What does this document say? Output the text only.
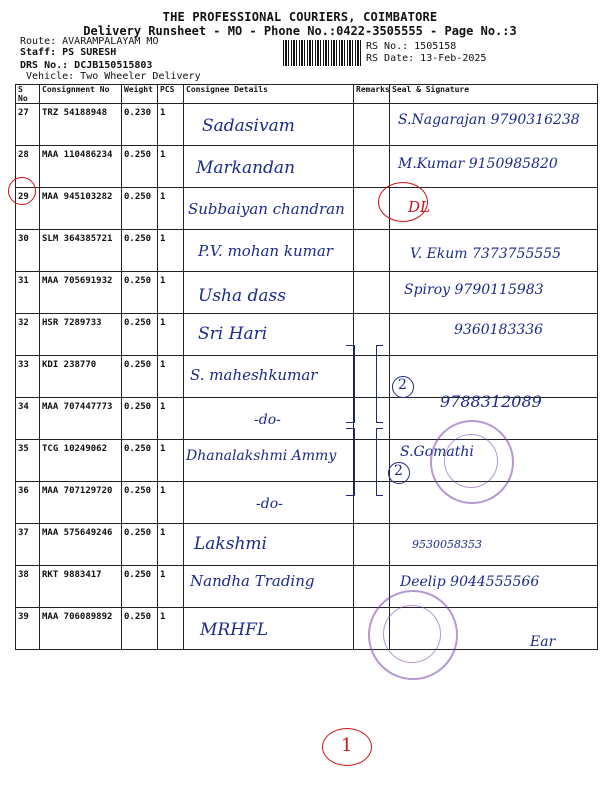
THE PROFESSIONAL COURIERS, COIMBATORE
Delivery Runsheet - MO - Phone No.:0422-3505555 - Page No.:3
Route: AVARAMPALAYAM MO
Staff: PS SURESH
DRS No.: DCJB150515803
Vehicle: Two Wheeler Delivery
RS No.: 1505158
RS Date: 13-Feb-2025
S No	Consignment No	Weight	PCS	Consignee Details	Remarks	Seal & Signature

27	TRZ 54188948	0.230	1	Sadasivam		S.Nagarajan 9790316238

28	MAA 110486234	0.250	1	Markandan		M.Kumar 9150985820

29	MAA 945103282	0.250	1	Subbaiyan chandran		DL

30	SLM 364385721	0.250	1	P.V. mohan kumar		V. Ekum 7373755555

31	MAA 705691932	0.250	1	Usha dass		Spiroy 9790115983

32	HSR 7289733	0.250	1	Sri Hari		9360183336

33	KDI 238770	0.250	1	S. maheshkumar		

34	MAA 707447773	0.250	1	-do-		9788312089

35	TCG 10249062	0.250	1	Dhanalakshmi Ammy		S.Gomathi

36	MAA 707129720	0.250	1	-do-		

37	MAA 575649246	0.250	1	Lakshmi		9530058353

38	RKT 9883417	0.250	1	Nandha Trading		Deelip 9044555566

39	MAA 706089892	0.250	1	MRHFL		Ear
2
2
1
